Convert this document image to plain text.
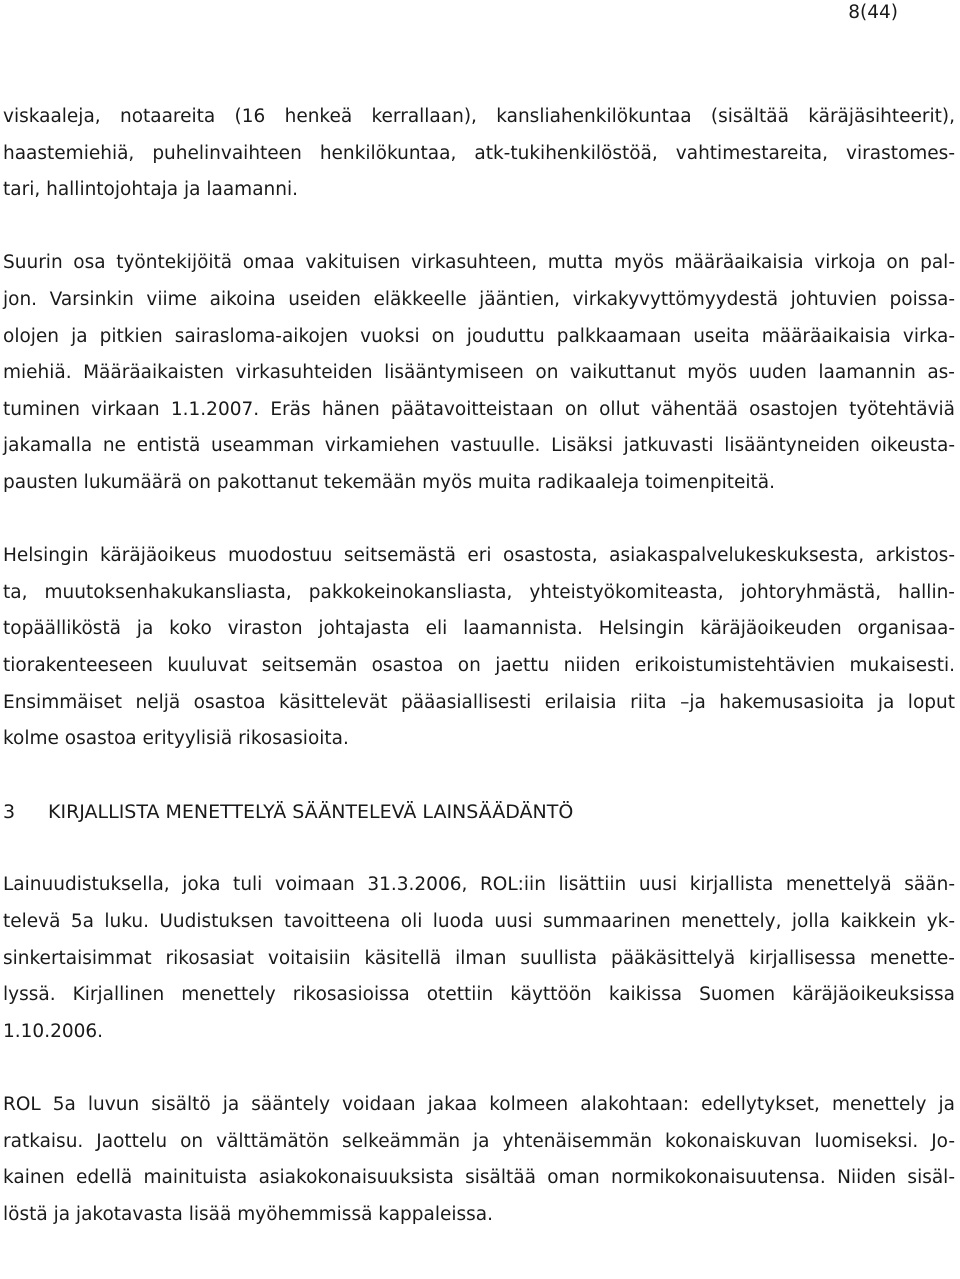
8(44)
viskaaleja, notaareita (16 henkeä kerrallaan), kansliahenkilökuntaa (sisältää käräjäsihteerit),
haastemiehiä, puhelinvaihteen henkilökuntaa, atk-tukihenkilöstöä, vahtimestareita, virastomes-
tari, hallintojohtaja ja laamanni.
Suurin osa työntekijöitä omaa vakituisen virkasuhteen, mutta myös määräaikaisia virkoja on pal-
jon. Varsinkin viime aikoina useiden eläkkeelle jääntien, virkakyvyttömyydestä johtuvien poissa-
olojen ja pitkien sairasloma-aikojen vuoksi on jouduttu palkkaamaan useita määräaikaisia virka-
miehiä. Määräaikaisten virkasuhteiden lisääntymiseen on vaikuttanut myös uuden laamannin as-
tuminen virkaan 1.1.2007. Eräs hänen päätavoitteistaan on ollut vähentää osastojen työtehtäviä
jakamalla ne entistä useamman virkamiehen vastuulle. Lisäksi jatkuvasti lisääntyneiden oikeusta-
pausten lukumäärä on pakottanut tekemään myös muita radikaaleja toimenpiteitä.
Helsingin käräjäoikeus muodostuu seitsemästä eri osastosta, asiakaspalvelukeskuksesta, arkistos-
ta, muutoksenhakukansliasta, pakkokeinokansliasta, yhteistyökomiteasta, johtoryhmästä, hallin-
topäälliköstä ja koko viraston johtajasta eli laamannista. Helsingin käräjäoikeuden organisaa-
tiorakenteeseen kuuluvat seitsemän osastoa on jaettu niiden erikoistumistehtävien mukaisesti.
Ensimmäiset neljä osastoa käsittelevät pääasiallisesti erilaisia riita –ja hakemusasioita ja loput
kolme osastoa erityylisiä rikosasioita.
3	KIRJALLISTA MENETTELYÄ SÄÄNTELEVÄ LAINSÄÄDÄNTÖ
Lainuudistuksella, joka tuli voimaan 31.3.2006, ROL:iin lisättiin uusi kirjallista menettelyä sään-
televä 5a luku. Uudistuksen tavoitteena oli luoda uusi summaarinen menettely, jolla kaikkein yk-
sinkertaisimmat rikosasiat voitaisiin käsitellä ilman suullista pääkäsittelyä kirjallisessa menette-
lyssä. Kirjallinen menettely rikosasioissa otettiin käyttöön kaikissa Suomen käräjäoikeuksissa
1.10.2006.
ROL 5a luvun sisältö ja sääntely voidaan jakaa kolmeen alakohtaan: edellytykset, menettely ja
ratkaisu. Jaottelu on välttämätön selkeämmän ja yhtenäisemmän kokonaiskuvan luomiseksi. Jo-
kainen edellä mainituista asiakokonaisuuksista sisältää oman normikokonaisuutensa. Niiden sisäl-
löstä ja jakotavasta lisää myöhemmissä kappaleissa.
